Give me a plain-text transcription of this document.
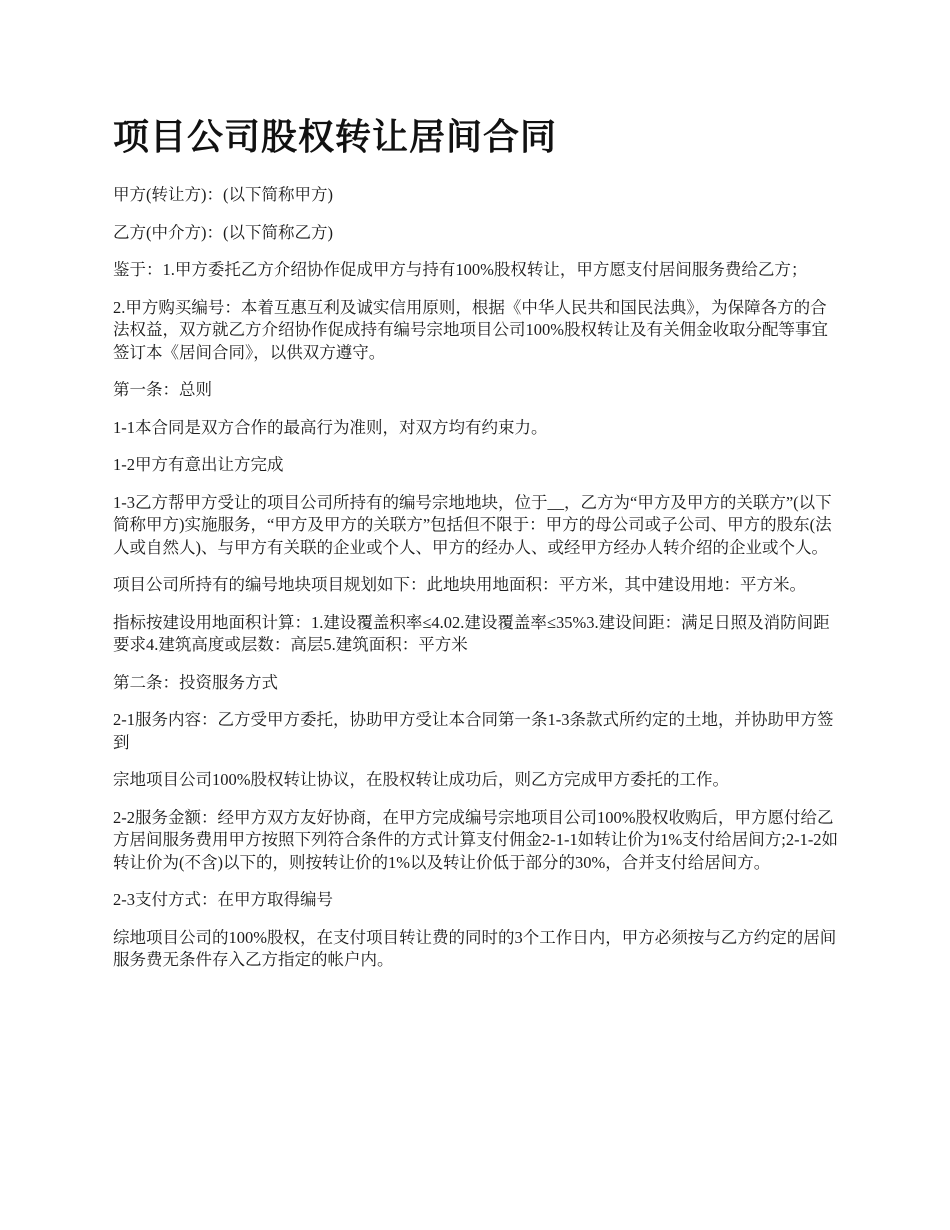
项目公司股权转让居间合同

甲方(转让方)：(以下简称甲方)

乙方(中介方)：(以下简称乙方)

鉴于：1.甲方委托乙方介绍协作促成甲方与持有100%股权转让，甲方愿支付居间服务费给乙方；

2.甲方购买编号：本着互惠互利及诚实信用原则，根据《中华人民共和国民法典》，为保障各方的合法权益，双方就乙方介绍协作促成持有编号宗地项目公司100%股权转让及有关佣金收取分配等事宜签订本《居间合同》，以供双方遵守。

第一条：总则

1-1本合同是双方合作的最高行为准则，对双方均有约束力。

1-2甲方有意出让方完成

1-3乙方帮甲方受让的项目公司所持有的编号宗地地块，位于__，乙方为“甲方及甲方的关联方”(以下简称甲方)实施服务，“甲方及甲方的关联方”包括但不限于：甲方的母公司或子公司、甲方的股东(法人或自然人)、与甲方有关联的企业或个人、甲方的经办人、或经甲方经办人转介绍的企业或个人。

项目公司所持有的编号地块项目规划如下：此地块用地面积：平方米，其中建设用地：平方米。

指标按建设用地面积计算：1.建设覆盖积率≤4.02.建设覆盖率≤35%3.建设间距：满足日照及消防间距要求4.建筑高度或层数：高层5.建筑面积：平方米

第二条：投资服务方式

2-1服务内容：乙方受甲方委托，协助甲方受让本合同第一条1-3条款式所约定的土地，并协助甲方签到

宗地项目公司100%股权转让协议，在股权转让成功后，则乙方完成甲方委托的工作。

2-2服务金额：经甲方双方友好协商，在甲方完成编号宗地项目公司100%股权收购后，甲方愿付给乙方居间服务费用甲方按照下列符合条件的方式计算支付佣金2-1-1如转让价为1%支付给居间方;2-1-2如转让价为(不含)以下的，则按转让价的1%以及转让价低于部分的30%，合并支付给居间方。

2-3支付方式：在甲方取得编号

综地项目公司的100%股权，在支付项目转让费的同时的3个工作日内，甲方必须按与乙方约定的居间服务费无条件存入乙方指定的帐户内。
